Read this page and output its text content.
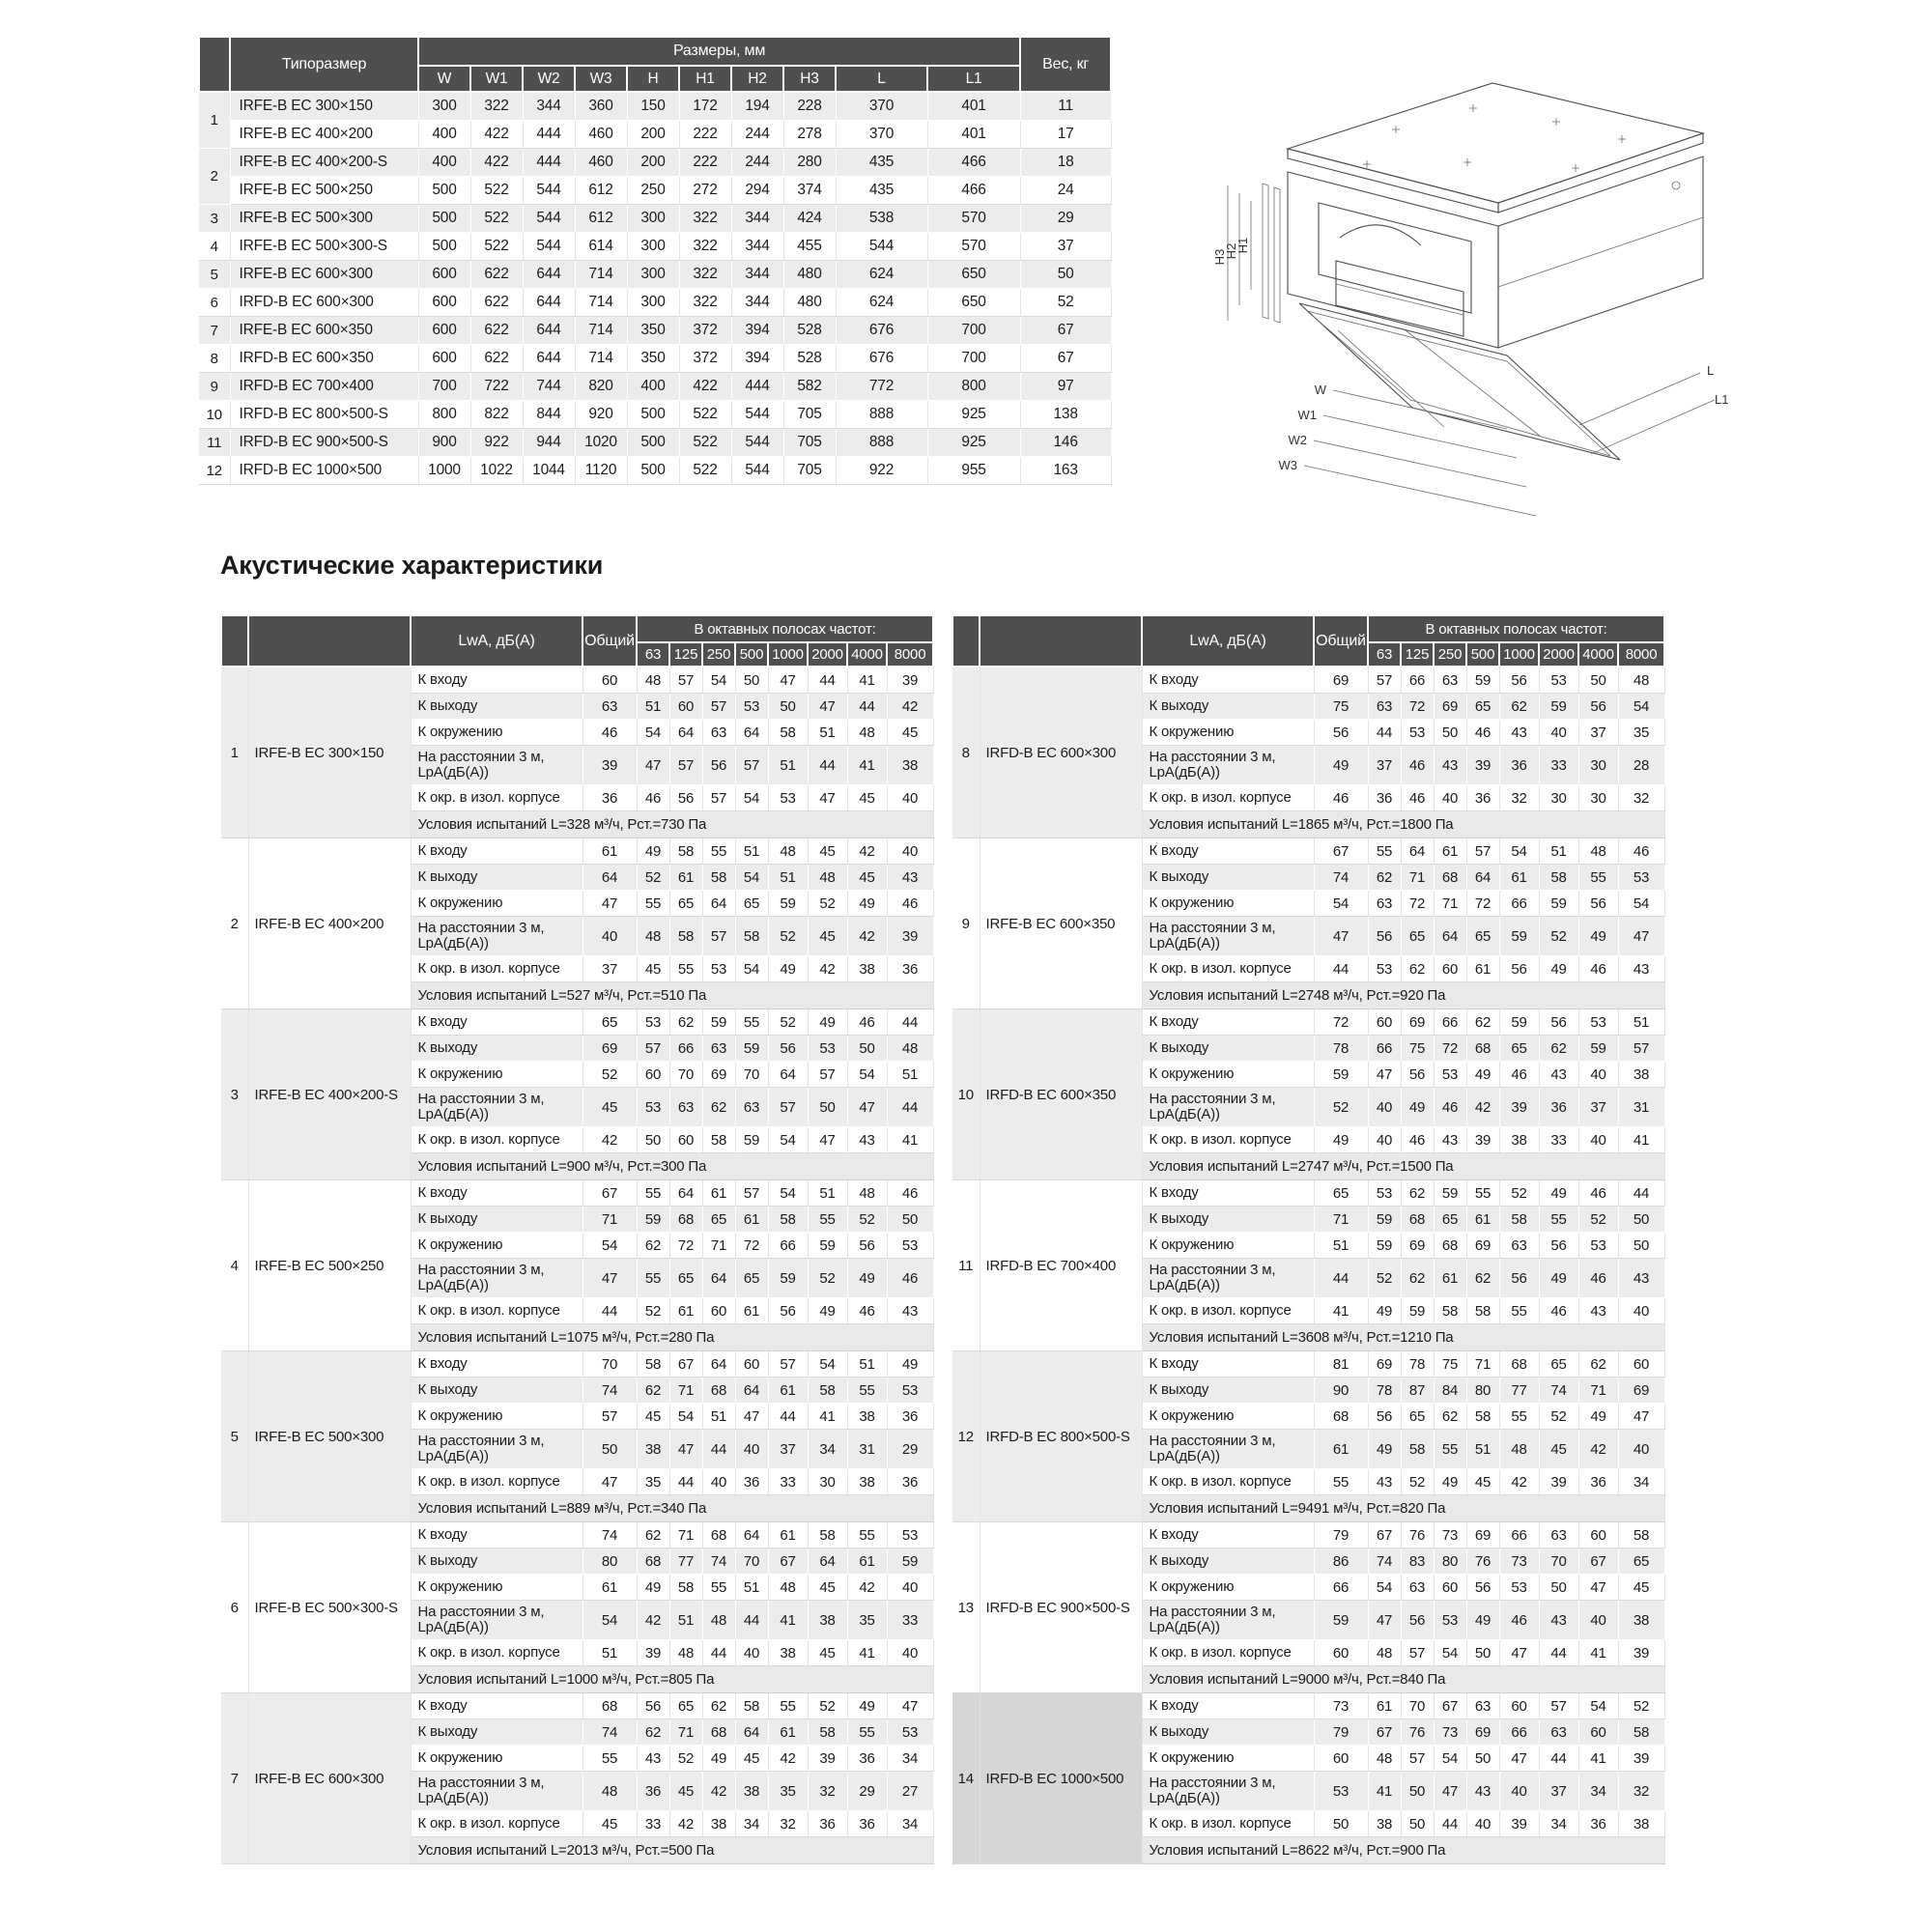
	Типоразмер	Размеры, мм										Вес, кг
		W	W1	W2	W3	H	H1	H2	H3	L	L1	
1	IRFE-B EC 300×150	300	322	344	360	150	172	194	228	370	401	11
	IRFE-B EC 400×200	400	422	444	460	200	222	244	278	370	401	17
2	IRFE-B EC 400×200-S	400	422	444	460	200	222	244	280	435	466	18
	IRFE-B EC 500×250	500	522	544	612	250	272	294	374	435	466	24
3	IRFE-B EC 500×300	500	522	544	612	300	322	344	424	538	570	29
4	IRFE-B EC 500×300-S	500	522	544	614	300	322	344	455	544	570	37
5	IRFE-B EC 600×300	600	622	644	714	300	322	344	480	624	650	50
6	IRFD-B EC 600×300	600	622	644	714	300	322	344	480	624	650	52
7	IRFE-B EC 600×350	600	622	644	714	350	372	394	528	676	700	67
8	IRFD-B EC 600×350	600	622	644	714	350	372	394	528	676	700	67
9	IRFD-B EC 700×400	700	722	744	820	400	422	444	582	772	800	97
10	IRFD-B EC 800×500-S	800	822	844	920	500	522	544	705	888	925	138
11	IRFD-B EC 900×500-S	900	922	944	1020	500	522	544	705	888	925	146
12	IRFD-B EC 1000×500	1000	1022	1044	1120	500	522	544	705	922	955	163
H1
H2
H3
W
W1
W2
W3
L
L1
Акустические характеристики
		LwA, дБ(A)	Общий	В октавных полосах частот:							
				63	125	250	500	1000	2000	4000	8000
1	IRFE-B EC 300×150	К входу	60	48	57	54	50	47	44	41	39
		К выходу	63	51	60	57	53	50	47	44	42
		К окружению	46	54	64	63	64	58	51	48	45
		На расстоянии 3 м, LpA(дБ(А))	39	47	57	56	57	51	44	41	38
		К окр. в изол. корпусе	36	46	56	57	54	53	47	45	40
		Условия испытаний L=328 м³/ч, Рст.=730 Па									
2	IRFE-B EC 400×200	К входу	61	49	58	55	51	48	45	42	40
		К выходу	64	52	61	58	54	51	48	45	43
		К окружению	47	55	65	64	65	59	52	49	46
		На расстоянии 3 м, LpA(дБ(А))	40	48	58	57	58	52	45	42	39
		К окр. в изол. корпусе	37	45	55	53	54	49	42	38	36
		Условия испытаний L=527 м³/ч, Рст.=510 Па									
3	IRFE-B EC 400×200-S	К входу	65	53	62	59	55	52	49	46	44
		К выходу	69	57	66	63	59	56	53	50	48
		К окружению	52	60	70	69	70	64	57	54	51
		На расстоянии 3 м, LpA(дБ(А))	45	53	63	62	63	57	50	47	44
		К окр. в изол. корпусе	42	50	60	58	59	54	47	43	41
		Условия испытаний L=900 м³/ч, Рст.=300 Па									
4	IRFE-B EC 500×250	К входу	67	55	64	61	57	54	51	48	46
		К выходу	71	59	68	65	61	58	55	52	50
		К окружению	54	62	72	71	72	66	59	56	53
		На расстоянии 3 м, LpA(дБ(А))	47	55	65	64	65	59	52	49	46
		К окр. в изол. корпусе	44	52	61	60	61	56	49	46	43
		Условия испытаний L=1075 м³/ч, Рст.=280 Па									
5	IRFE-B EC 500×300	К входу	70	58	67	64	60	57	54	51	49
		К выходу	74	62	71	68	64	61	58	55	53
		К окружению	57	45	54	51	47	44	41	38	36
		На расстоянии 3 м, LpA(дБ(А))	50	38	47	44	40	37	34	31	29
		К окр. в изол. корпусе	47	35	44	40	36	33	30	38	36
		Условия испытаний L=889 м³/ч, Рст.=340 Па									
6	IRFE-B EC 500×300-S	К входу	74	62	71	68	64	61	58	55	53
		К выходу	80	68	77	74	70	67	64	61	59
		К окружению	61	49	58	55	51	48	45	42	40
		На расстоянии 3 м, LpA(дБ(А))	54	42	51	48	44	41	38	35	33
		К окр. в изол. корпусе	51	39	48	44	40	38	45	41	40
		Условия испытаний L=1000 м³/ч, Рст.=805 Па									
7	IRFE-B EC 600×300	К входу	68	56	65	62	58	55	52	49	47
		К выходу	74	62	71	68	64	61	58	55	53
		К окружению	55	43	52	49	45	42	39	36	34
		На расстоянии 3 м, LpA(дБ(А))	48	36	45	42	38	35	32	29	27
		К окр. в изол. корпусе	45	33	42	38	34	32	36	36	34
		Условия испытаний L=2013 м³/ч, Рст.=500 Па									
		LwA, дБ(A)	Общий	В октавных полосах частот:							
				63	125	250	500	1000	2000	4000	8000
8	IRFD-B EC 600×300	К входу	69	57	66	63	59	56	53	50	48
		К выходу	75	63	72	69	65	62	59	56	54
		К окружению	56	44	53	50	46	43	40	37	35
		На расстоянии 3 м, LpA(дБ(А))	49	37	46	43	39	36	33	30	28
		К окр. в изол. корпусе	46	36	46	40	36	32	30	30	32
		Условия испытаний L=1865 м³/ч, Рст.=1800 Па									
9	IRFE-B EC 600×350	К входу	67	55	64	61	57	54	51	48	46
		К выходу	74	62	71	68	64	61	58	55	53
		К окружению	54	63	72	71	72	66	59	56	54
		На расстоянии 3 м, LpA(дБ(А))	47	56	65	64	65	59	52	49	47
		К окр. в изол. корпусе	44	53	62	60	61	56	49	46	43
		Условия испытаний L=2748 м³/ч, Рст.=920 Па									
10	IRFD-B EC 600×350	К входу	72	60	69	66	62	59	56	53	51
		К выходу	78	66	75	72	68	65	62	59	57
		К окружению	59	47	56	53	49	46	43	40	38
		На расстоянии 3 м, LpA(дБ(А))	52	40	49	46	42	39	36	37	31
		К окр. в изол. корпусе	49	40	46	43	39	38	33	40	41
		Условия испытаний L=2747 м³/ч, Рст.=1500 Па									
11	IRFD-B EC 700×400	К входу	65	53	62	59	55	52	49	46	44
		К выходу	71	59	68	65	61	58	55	52	50
		К окружению	51	59	69	68	69	63	56	53	50
		На расстоянии 3 м, LpA(дБ(А))	44	52	62	61	62	56	49	46	43
		К окр. в изол. корпусе	41	49	59	58	58	55	46	43	40
		Условия испытаний L=3608 м³/ч, Рст.=1210 Па									
12	IRFD-B EC 800×500-S	К входу	81	69	78	75	71	68	65	62	60
		К выходу	90	78	87	84	80	77	74	71	69
		К окружению	68	56	65	62	58	55	52	49	47
		На расстоянии 3 м, LpA(дБ(А))	61	49	58	55	51	48	45	42	40
		К окр. в изол. корпусе	55	43	52	49	45	42	39	36	34
		Условия испытаний L=9491 м³/ч, Рст.=820 Па									
13	IRFD-B EC 900×500-S	К входу	79	67	76	73	69	66	63	60	58
		К выходу	86	74	83	80	76	73	70	67	65
		К окружению	66	54	63	60	56	53	50	47	45
		На расстоянии 3 м, LpA(дБ(А))	59	47	56	53	49	46	43	40	38
		К окр. в изол. корпусе	60	48	57	54	50	47	44	41	39
		Условия испытаний L=9000 м³/ч, Рст.=840 Па									
14	IRFD-B EC 1000×500	К входу	73	61	70	67	63	60	57	54	52
		К выходу	79	67	76	73	69	66	63	60	58
		К окружению	60	48	57	54	50	47	44	41	39
		На расстоянии 3 м, LpA(дБ(А))	53	41	50	47	43	40	37	34	32
		К окр. в изол. корпусе	50	38	50	44	40	39	34	36	38
		Условия испытаний L=8622 м³/ч, Рст.=900 Па									
